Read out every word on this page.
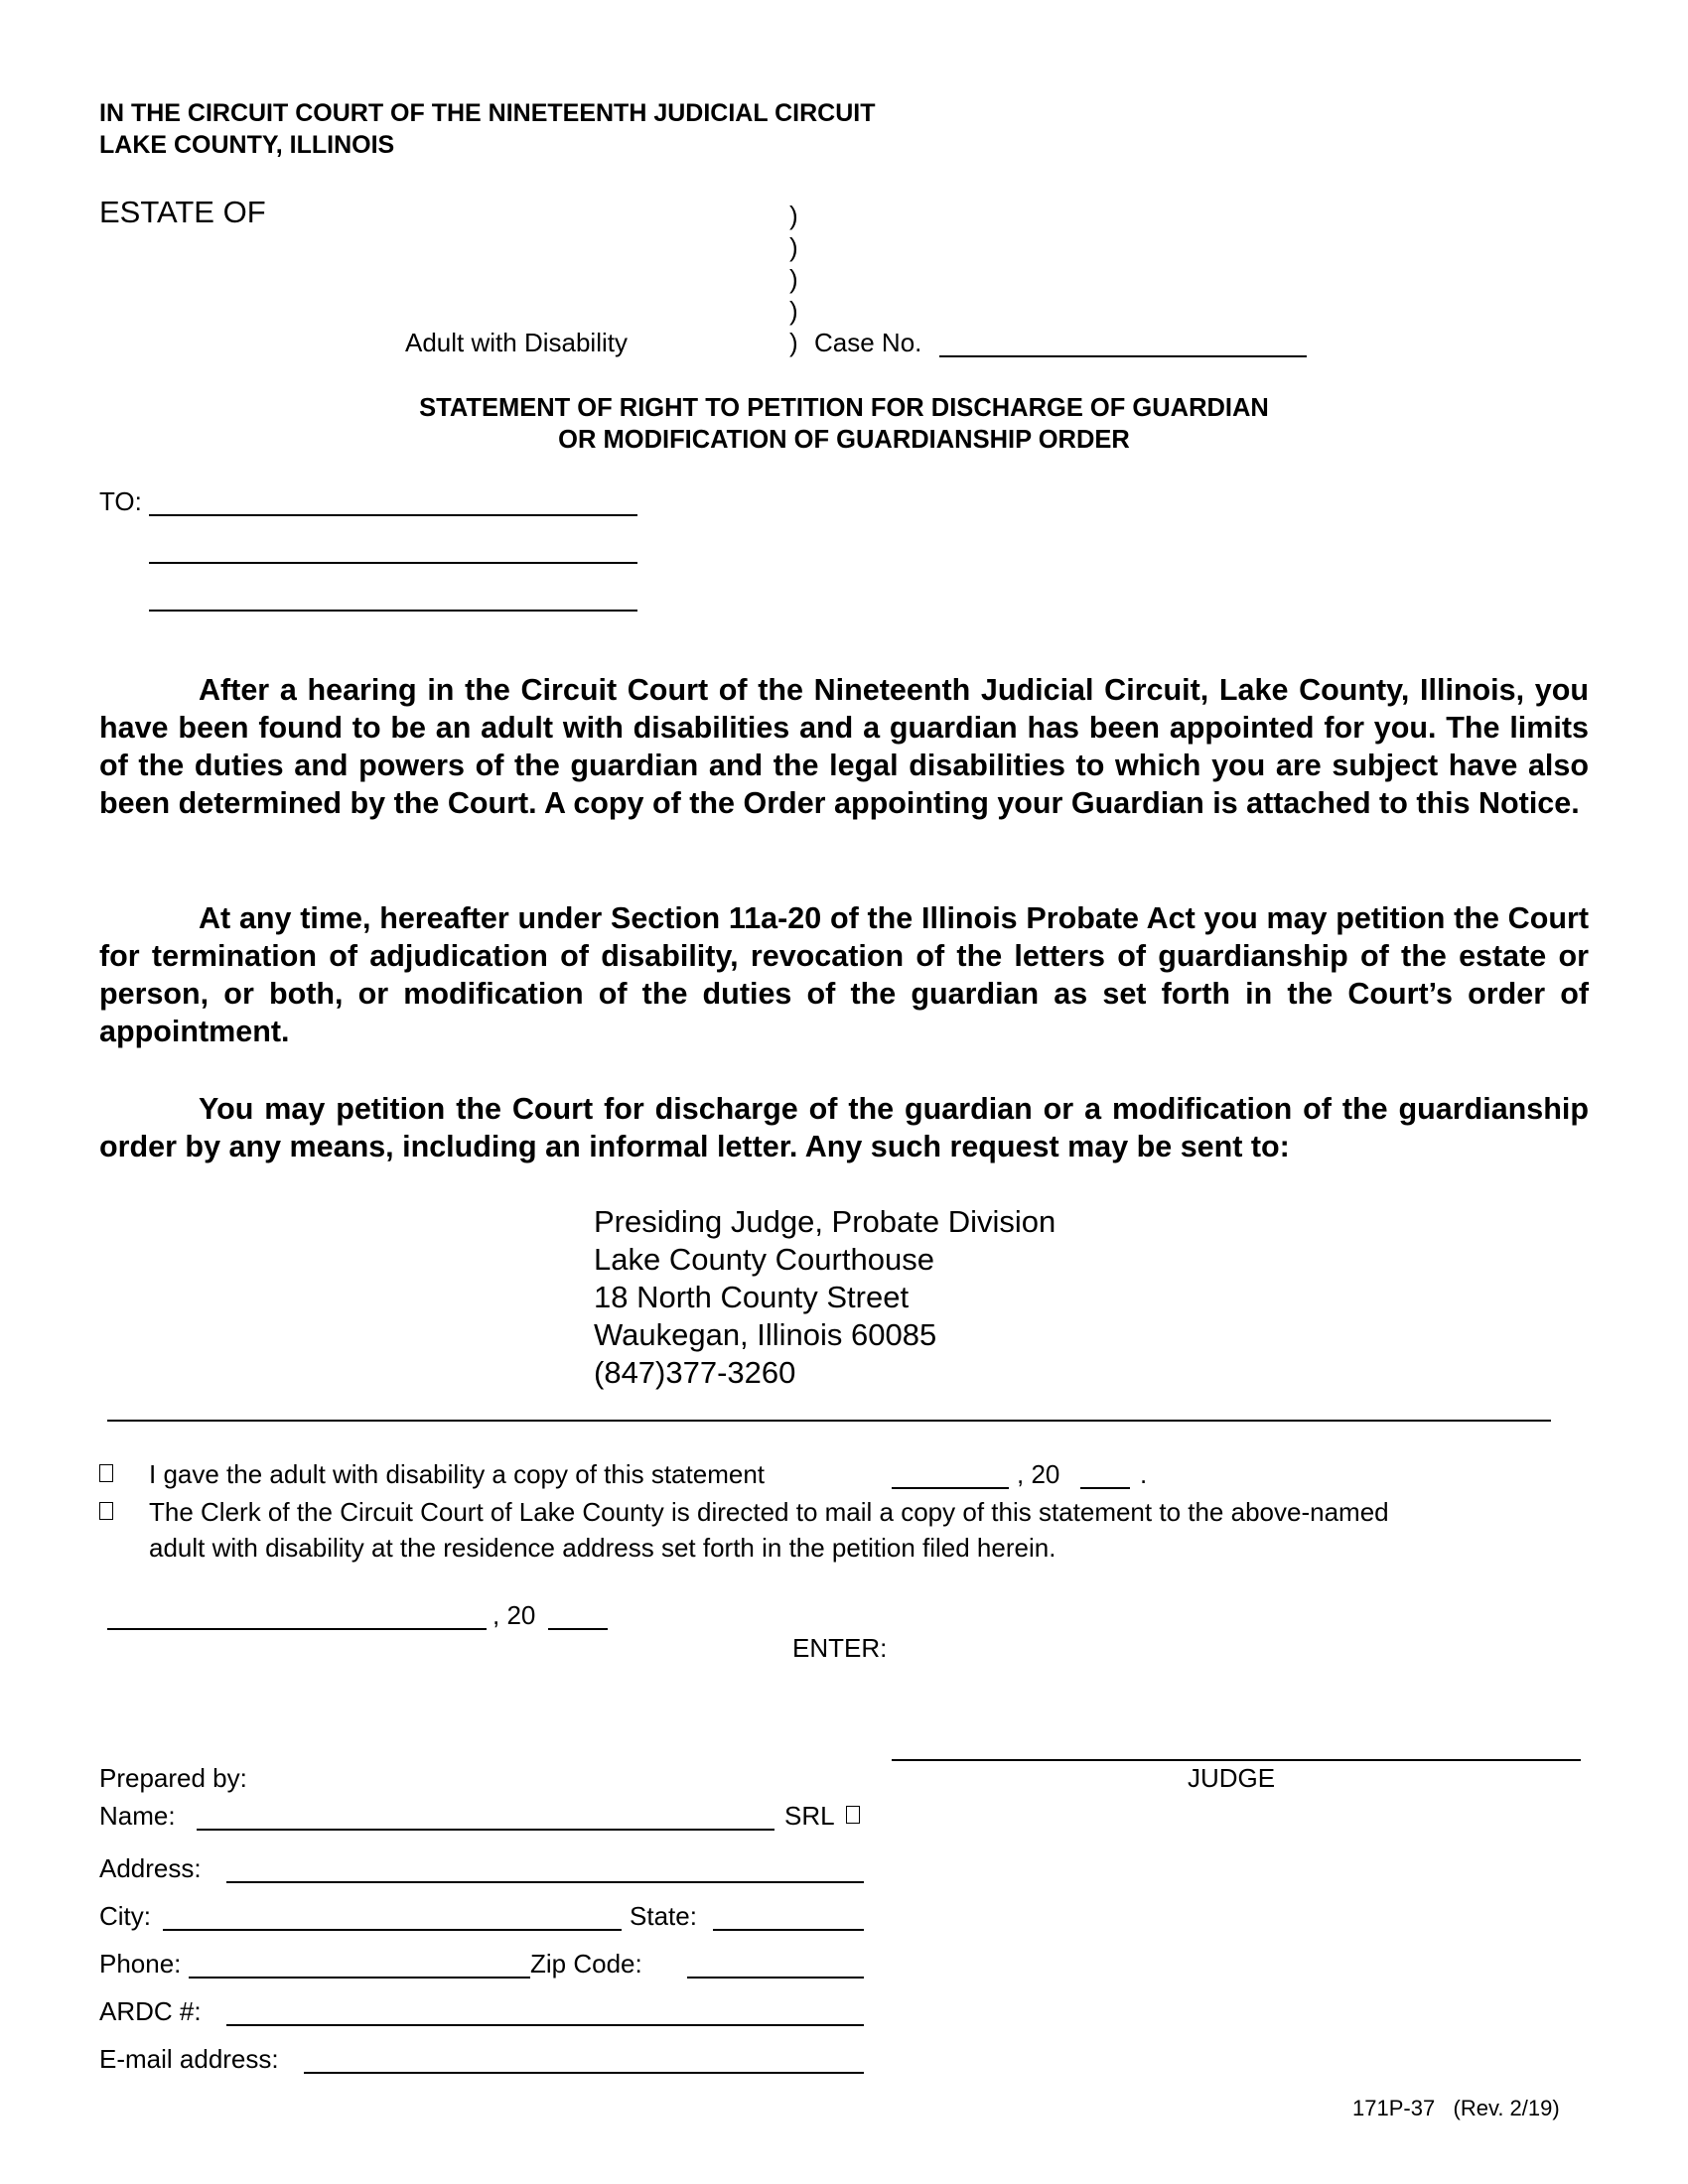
IN THE CIRCUIT COURT OF THE NINETEENTH JUDICIAL CIRCUIT
LAKE COUNTY, ILLINOIS
ESTATE OF	)
)
)
)
)
Adult with Disability	Case No.
STATEMENT OF RIGHT TO PETITION FOR DISCHARGE OF GUARDIAN
OR MODIFICATION OF GUARDIANSHIP ORDER
TO:
After a hearing in the Circuit Court of the Nineteenth Judicial Circuit, Lake County, Illinois, you have been found to be an adult with disabilities and a guardian has been appointed for you. The limits of the duties and powers of the guardian and the legal disabilities to which you are subject have also been determined by the Court. A copy of the Order appointing your Guardian is attached to this Notice.
At any time, hereafter under Section 11a-20 of the Illinois Probate Act you may petition the Court for termination of adjudication of disability, revocation of the letters of guardianship of the estate or person, or both, or modification of the duties of the guardian as set forth in the Court’s order of appointment.
You may petition the Court for discharge of the guardian or a modification of the guardianship order by any means, including an informal letter. Any such request may be sent to:
Presiding Judge, Probate Division
Lake County Courthouse
18 North County Street
Waukegan, Illinois 60085
(847)377-3260
I gave the adult with disability a copy of this statement	, 20	.
The Clerk of the Circuit Court of Lake County is directed to mail a copy of this statement to the above-named
adult with disability at the residence address set forth in the petition filed herein.
, 20
ENTER:
JUDGE
Prepared by:
Name:	SRL
Address:
City:	State:
Phone:	Zip Code:
ARDC #:
E-mail address:
171P-37   (Rev. 2/19)
